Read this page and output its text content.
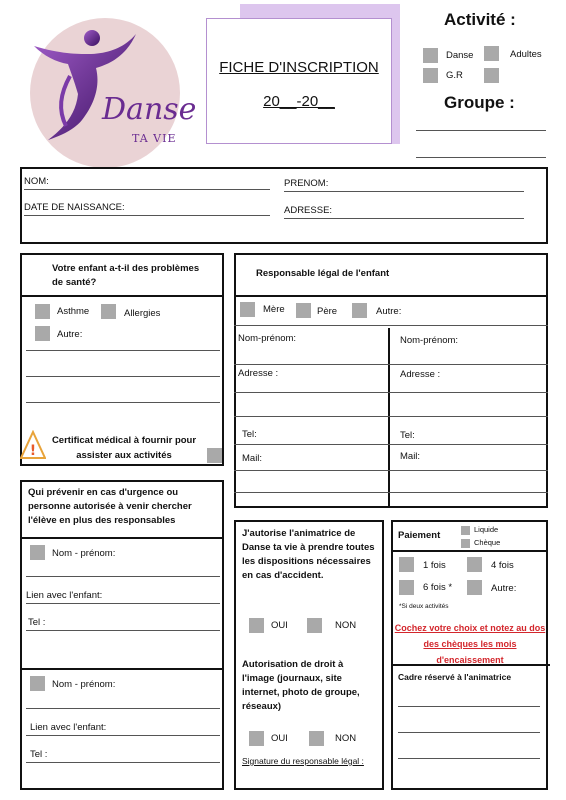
Danse
TA VIE
FICHE D'INSCRIPTION
20__-20__
Activité :
Danse	Adultes
G.R
Groupe :
NOM:	PRENOM:
DATE DE NAISSANCE:	ADRESSE:
Votre enfant a-t-il des problèmes de santé?
Asthme	Allergies
Autre:
!
Certificat médical à fournir pour assister aux activités
Responsable légal de l'enfant
Mère	Père	Autre:
Nom-prénom:	Nom-prénom:
Adresse :	Adresse :
Tel:	Tel:
Mail:	Mail:
Qui prévenir en cas d'urgence ou personne autorisée à venir chercher l'élève en plus des responsables
Nom - prénom:
Lien avec l'enfant:
Tel :
Nom - prénom:
Lien avec l'enfant:
Tel :
J'autorise l'animatrice de Danse ta vie à prendre toutes les dispositions nécessaires en cas d'accident.
OUI	NON
Autorisation de droit à l'image (journaux, site internet, photo de groupe, réseaux)
OUI	NON
Signature du responsable légal :
Paiement
Liquide
Chèque
1 fois	4 fois
6 fois *	Autre:
*Si deux activités
Cochez votre choix et notez au dos des chèques les mois d'encaissement
Cadre réservé à l'animatrice
